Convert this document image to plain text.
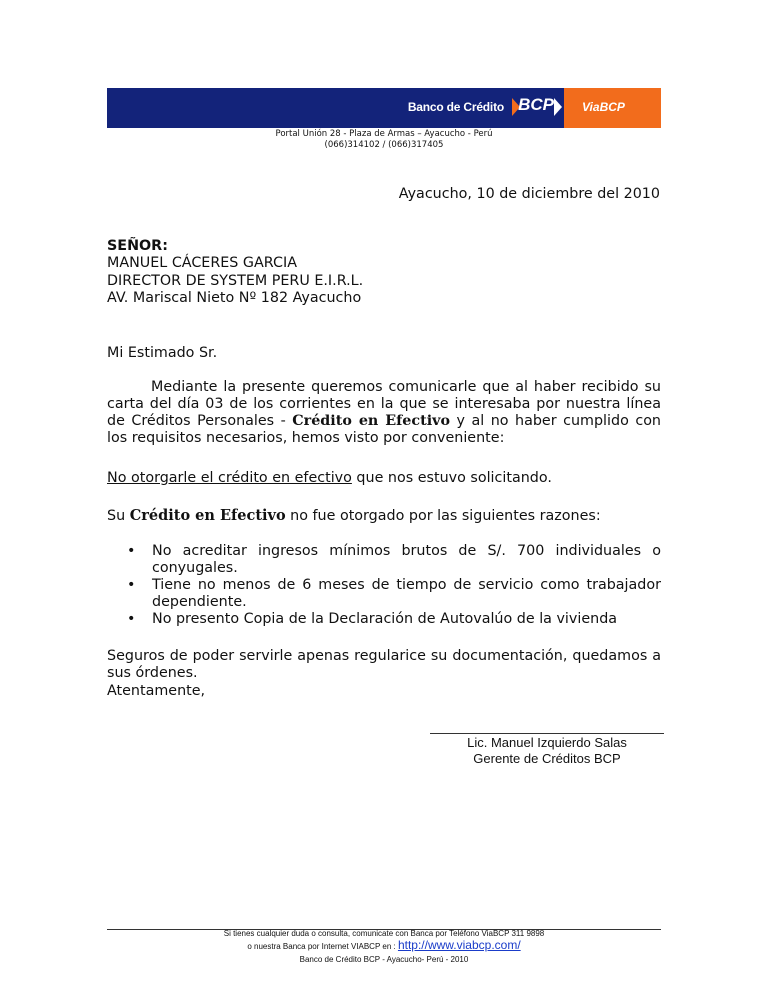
Banco de Crédito BCP ViaBCP
Portal Unión 28 - Plaza de Armas – Ayacucho - Perú
(066)314102 / (066)317405
Ayacucho, 10 de diciembre del 2010
SEÑOR:
MANUEL CÁCERES GARCIA
DIRECTOR DE SYSTEM PERU E.I.R.L.
AV. Mariscal Nieto Nº 182 Ayacucho
Mi Estimado Sr.
Mediante la presente queremos comunicarle que al haber recibido su carta del día 03 de los corrientes en la que se interesaba por nuestra línea de Créditos Personales - Crédito en Efectivo y al no haber cumplido con los requisitos necesarios, hemos visto por conveniente:
No otorgarle el crédito en efectivo que nos estuvo solicitando.
Su Crédito en Efectivo no fue otorgado por las siguientes razones:
• No acreditar ingresos mínimos brutos de S/. 700 individuales o conyugales.
• Tiene no menos de 6 meses de tiempo de servicio como trabajador dependiente.
• No presento Copia de la Declaración de Autovalúo de la vivienda
Seguros de poder servirle apenas regularice su documentación, quedamos a sus órdenes.
Atentamente,
Lic. Manuel Izquierdo Salas
Gerente de Créditos BCP
Si tienes cualquier duda o consulta, comunicate con Banca por Teléfono ViaBCP 311 9898
o nuestra Banca por Internet VIABCP en : http://www.viabcp.com/
Banco de Crédito BCP - Ayacucho- Perú - 2010
